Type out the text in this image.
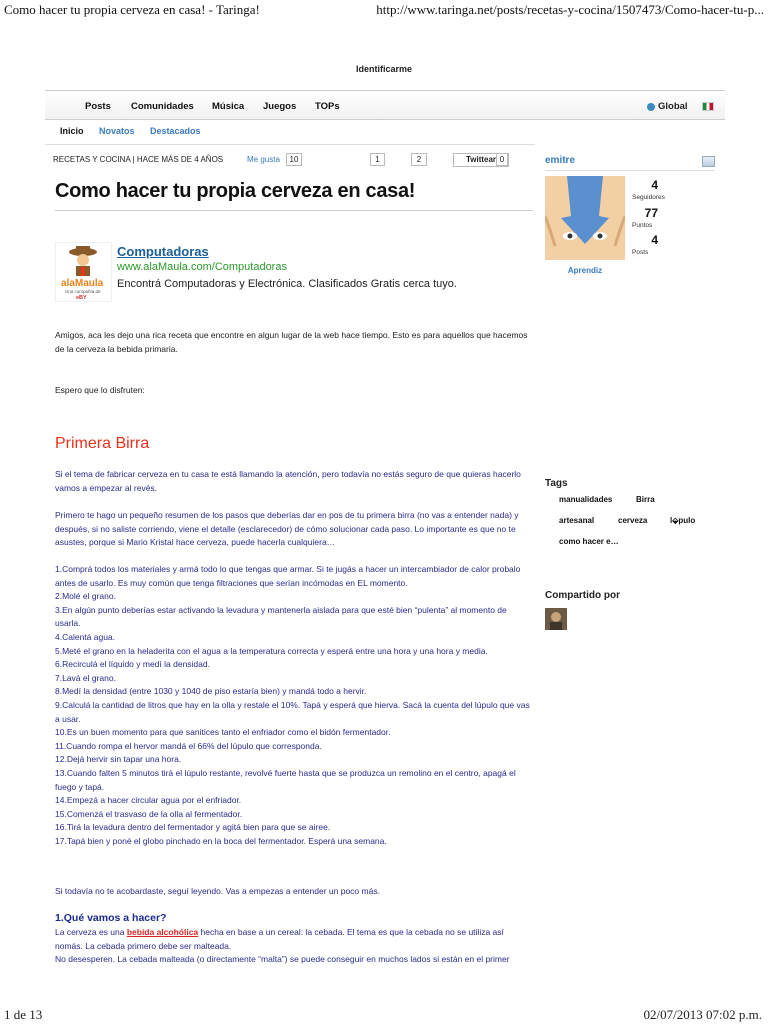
Como hacer tu propia cerveza en casa! - Taringa!	http://www.taringa.net/posts/recetas-y-cocina/1507473/Como-hacer-tu-p...
Identificarme
Posts Comunidades Música Juegos TOPs	Global
Inicio Novatos Destacados
RECETAS Y COCINA | HACE MÁS DE 4 AÑOS	Me gusta	10	1	2	Twittear 0
Como hacer tu propia cerveza en casa!
alaMaula
Una compañía de
eBY
Computadoras
www.alaMaula.com/Computadoras
Encontrá Computadoras y Electrónica. Clasificados Gratis cerca tuyo.
Amigos, aca les dejo una rica receta que encontre en algun lugar de la web hace tiempo. Esto es para aquellos que hacemos de la cerveza la bebida primaria.
Espero que lo disfruten:
Primera Birra
Si el tema de fabricar cerveza en tu casa te está llamando la atención, pero todavía no estás seguro de que quieras hacerlo vamos a empezar al revés.
Primero te hago un pequeño resumen de los pasos que deberías dar en pos de tu primera birra (no vas a entender nada) y después, si no saliste corriendo, viene el detalle (esclarecedor) de cómo solucionar cada paso. Lo importante es que no te asustes, porque si Mario Kristal hace cerveza, puede hacerla cualquiera…
1.Comprá todos los materiales y armá todo lo que tengas que armar. Si te jugás a hacer un intercambiador de calor probalo antes de usarlo. Es muy común que tenga filtraciones que serían incómodas en EL momento.
2.Molé el grano.
3.En algún punto deberías estar activando la levadura y mantenerla aislada para que esté bien “pulenta” al momento de usarla.
4.Calentá agua.
5.Meté el grano en la heladerita con el agua a la temperatura correcta y esperá entre una hora y una hora y media.
6.Recirculá el líquido y medí la densidad.
7.Lavá el grano.
8.Medí la densidad (entre 1030 y 1040 de piso estaría bien) y mandá todo a hervir.
9.Calculá la cantidad de litros que hay en la olla y restale el 10%. Tapá y esperá que hierva. Sacá la cuenta del lúpulo que vas a usar.
10.Es un buen momento para que sanitices tanto el enfriador como el bidón fermentador.
11.Cuando rompa el hervor mandá el 66% del lúpulo que corresponda.
12.Dejá hervir sin tapar una hora.
13.Cuando falten 5 minutos tirá el lúpulo restante, revolvé fuerte hasta que se produzca un remolino en el centro, apagá el fuego y tapá.
14.Empezá a hacer circular agua por el enfriador.
15.Comenzá el trasvaso de la olla al fermentador.
16.Tirá la levadura dentro del fermentador y agitá bien para que se airee.
17.Tapá bien y poné el globo pinchado en la boca del fermentador. Esperá una semana.
Si todavía no te acobardaste, seguí leyendo. Vas a empezas a entender un poco más.
1.Qué vamos a hacer?
La cerveza es una bebida alcohólica hecha en base a un cereal: la cebada. El tema es que la cebada no se utiliza así nomás. La cebada primero debe ser malteada.
No desesperen. La cebada malteada (o directamente “malta”) se puede conseguir en muchos lados si están en el primer
emitre
Aprendiz
4
Seguidores
77
Puntos
4
Posts
Tags
manualidades	Birra
artesanal	cerveza	l⬙pulo
como hacer e…
Compartido por
1 de 13	02/07/2013 07:02 p.m.
